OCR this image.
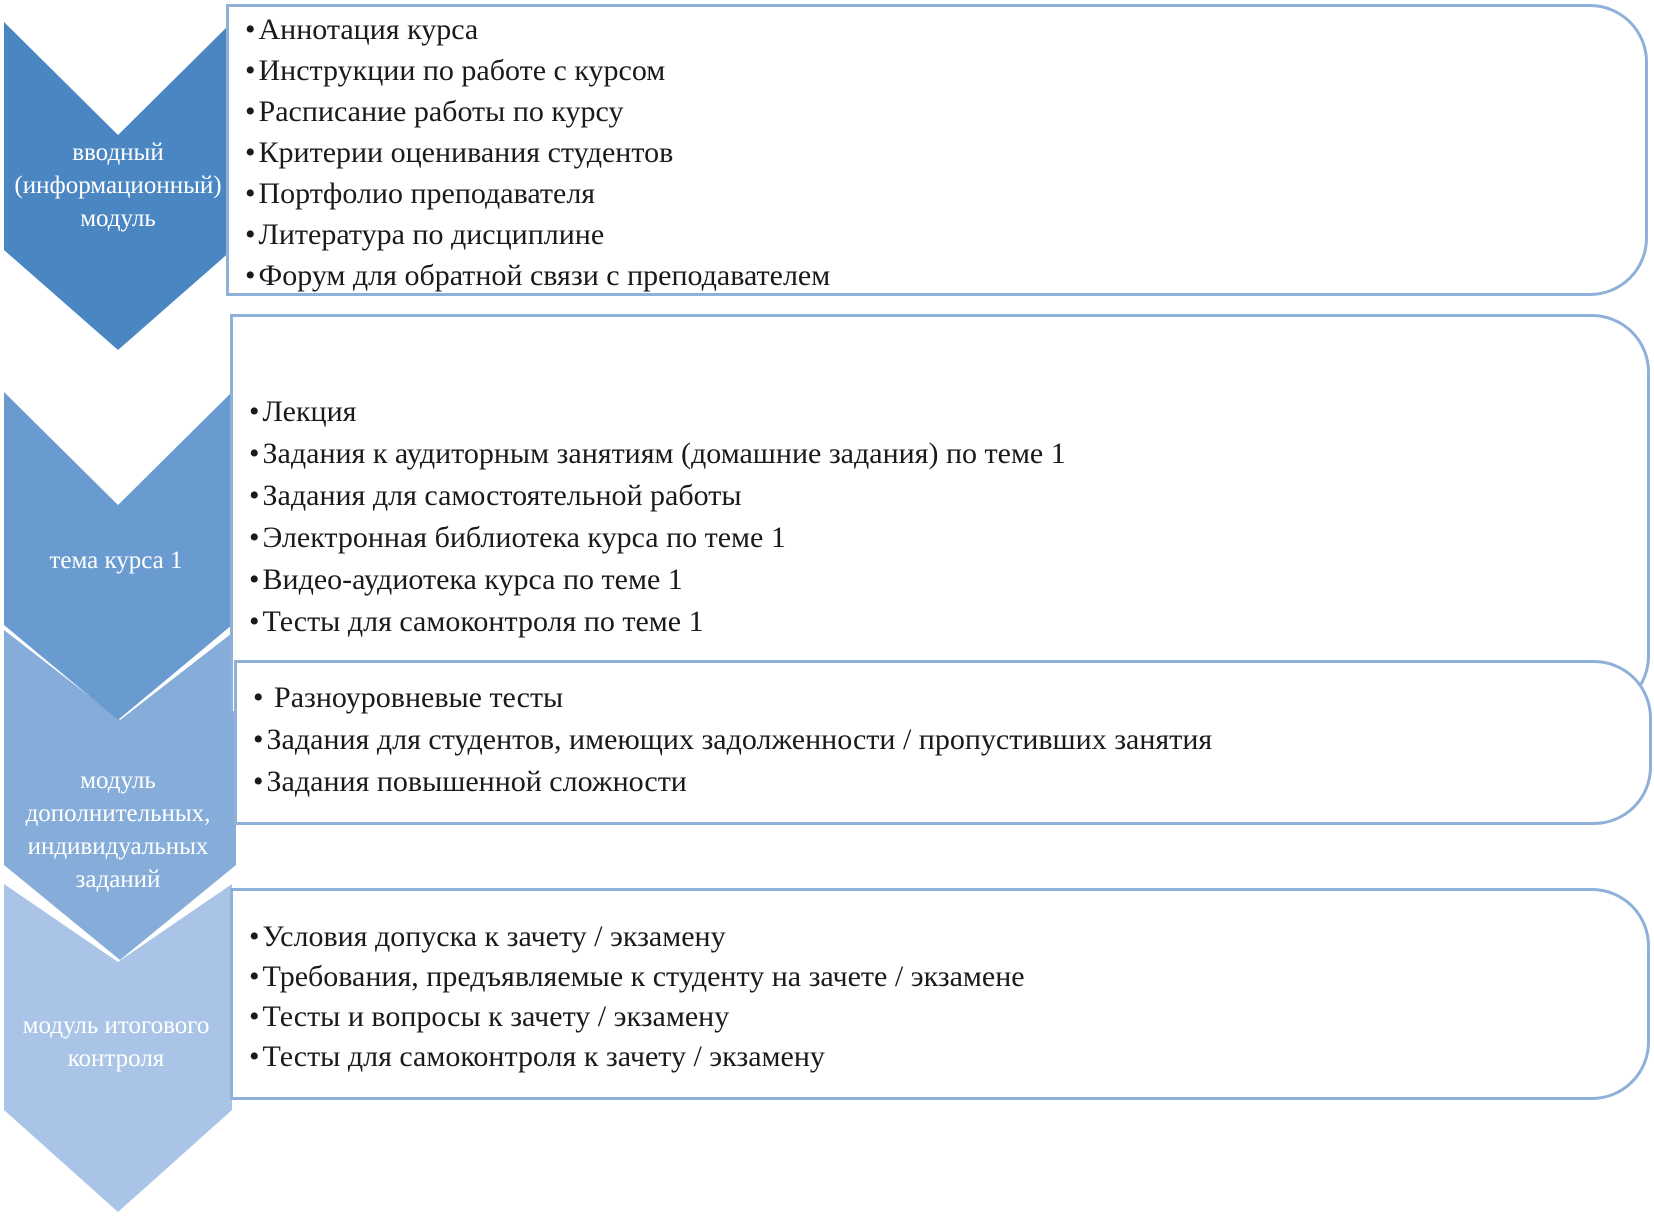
вводный
(информационный)
модуль
тема курса 1
модуль
дополнительных,
индивидуальных
заданий
модуль итогового
контроля
• Аннотация курса
• Инструкции по работе с курсом
• Расписание работы по курсу
• Критерии оценивания студентов
• Портфолио преподавателя
• Литература по дисциплине
• Форум для обратной связи с преподавателем
• Лекция
• Задания к аудиторным занятиям (домашние задания) по теме 1
• Задания для самостоятельной работы
• Электронная библиотека курса по теме 1
• Видео-аудиотека курса по теме 1
• Тесты для самоконтроля по теме 1
• Разноуровневые тесты
• Задания для студентов, имеющих задолженности / пропустивших занятия
• Задания повышенной сложности
• Условия допуска к зачету / экзамену
• Требования, предъявляемые к студенту на зачете / экзамене
• Тесты и вопросы к зачету / экзамену
• Тесты для самоконтроля к зачету / экзамену
